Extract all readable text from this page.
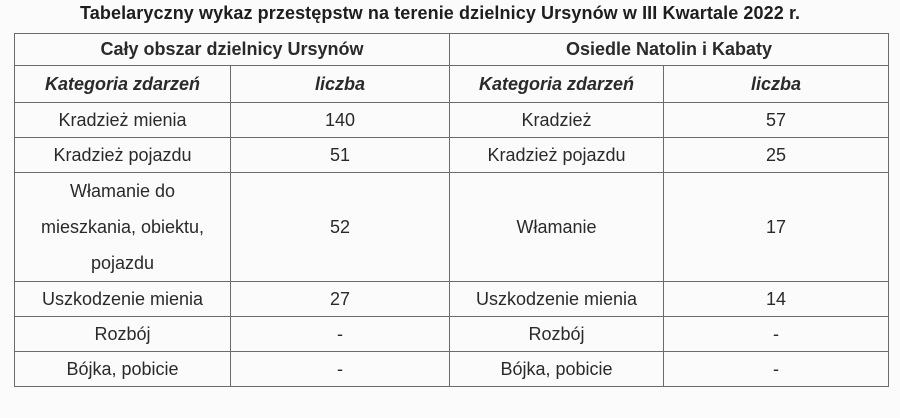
Tabelaryczny wykaz przestępstw na terenie dzielnicy Ursynów w III Kwartale 2022 r.
Cały obszar dzielnicy Ursynów		Osiedle Natolin i Kabaty	
Kategoria zdarzeń	liczba	Kategoria zdarzeń	liczba
Kradzież mienia	140	Kradzież	57
Kradzież pojazdu	51	Kradzież pojazdu	25
Włamanie do mieszkania, obiektu, pojazdu	52	Włamanie	17
Uszkodzenie mienia	27	Uszkodzenie mienia	14
Rozbój	-	Rozbój	-
Bójka, pobicie	-	Bójka, pobicie	-
